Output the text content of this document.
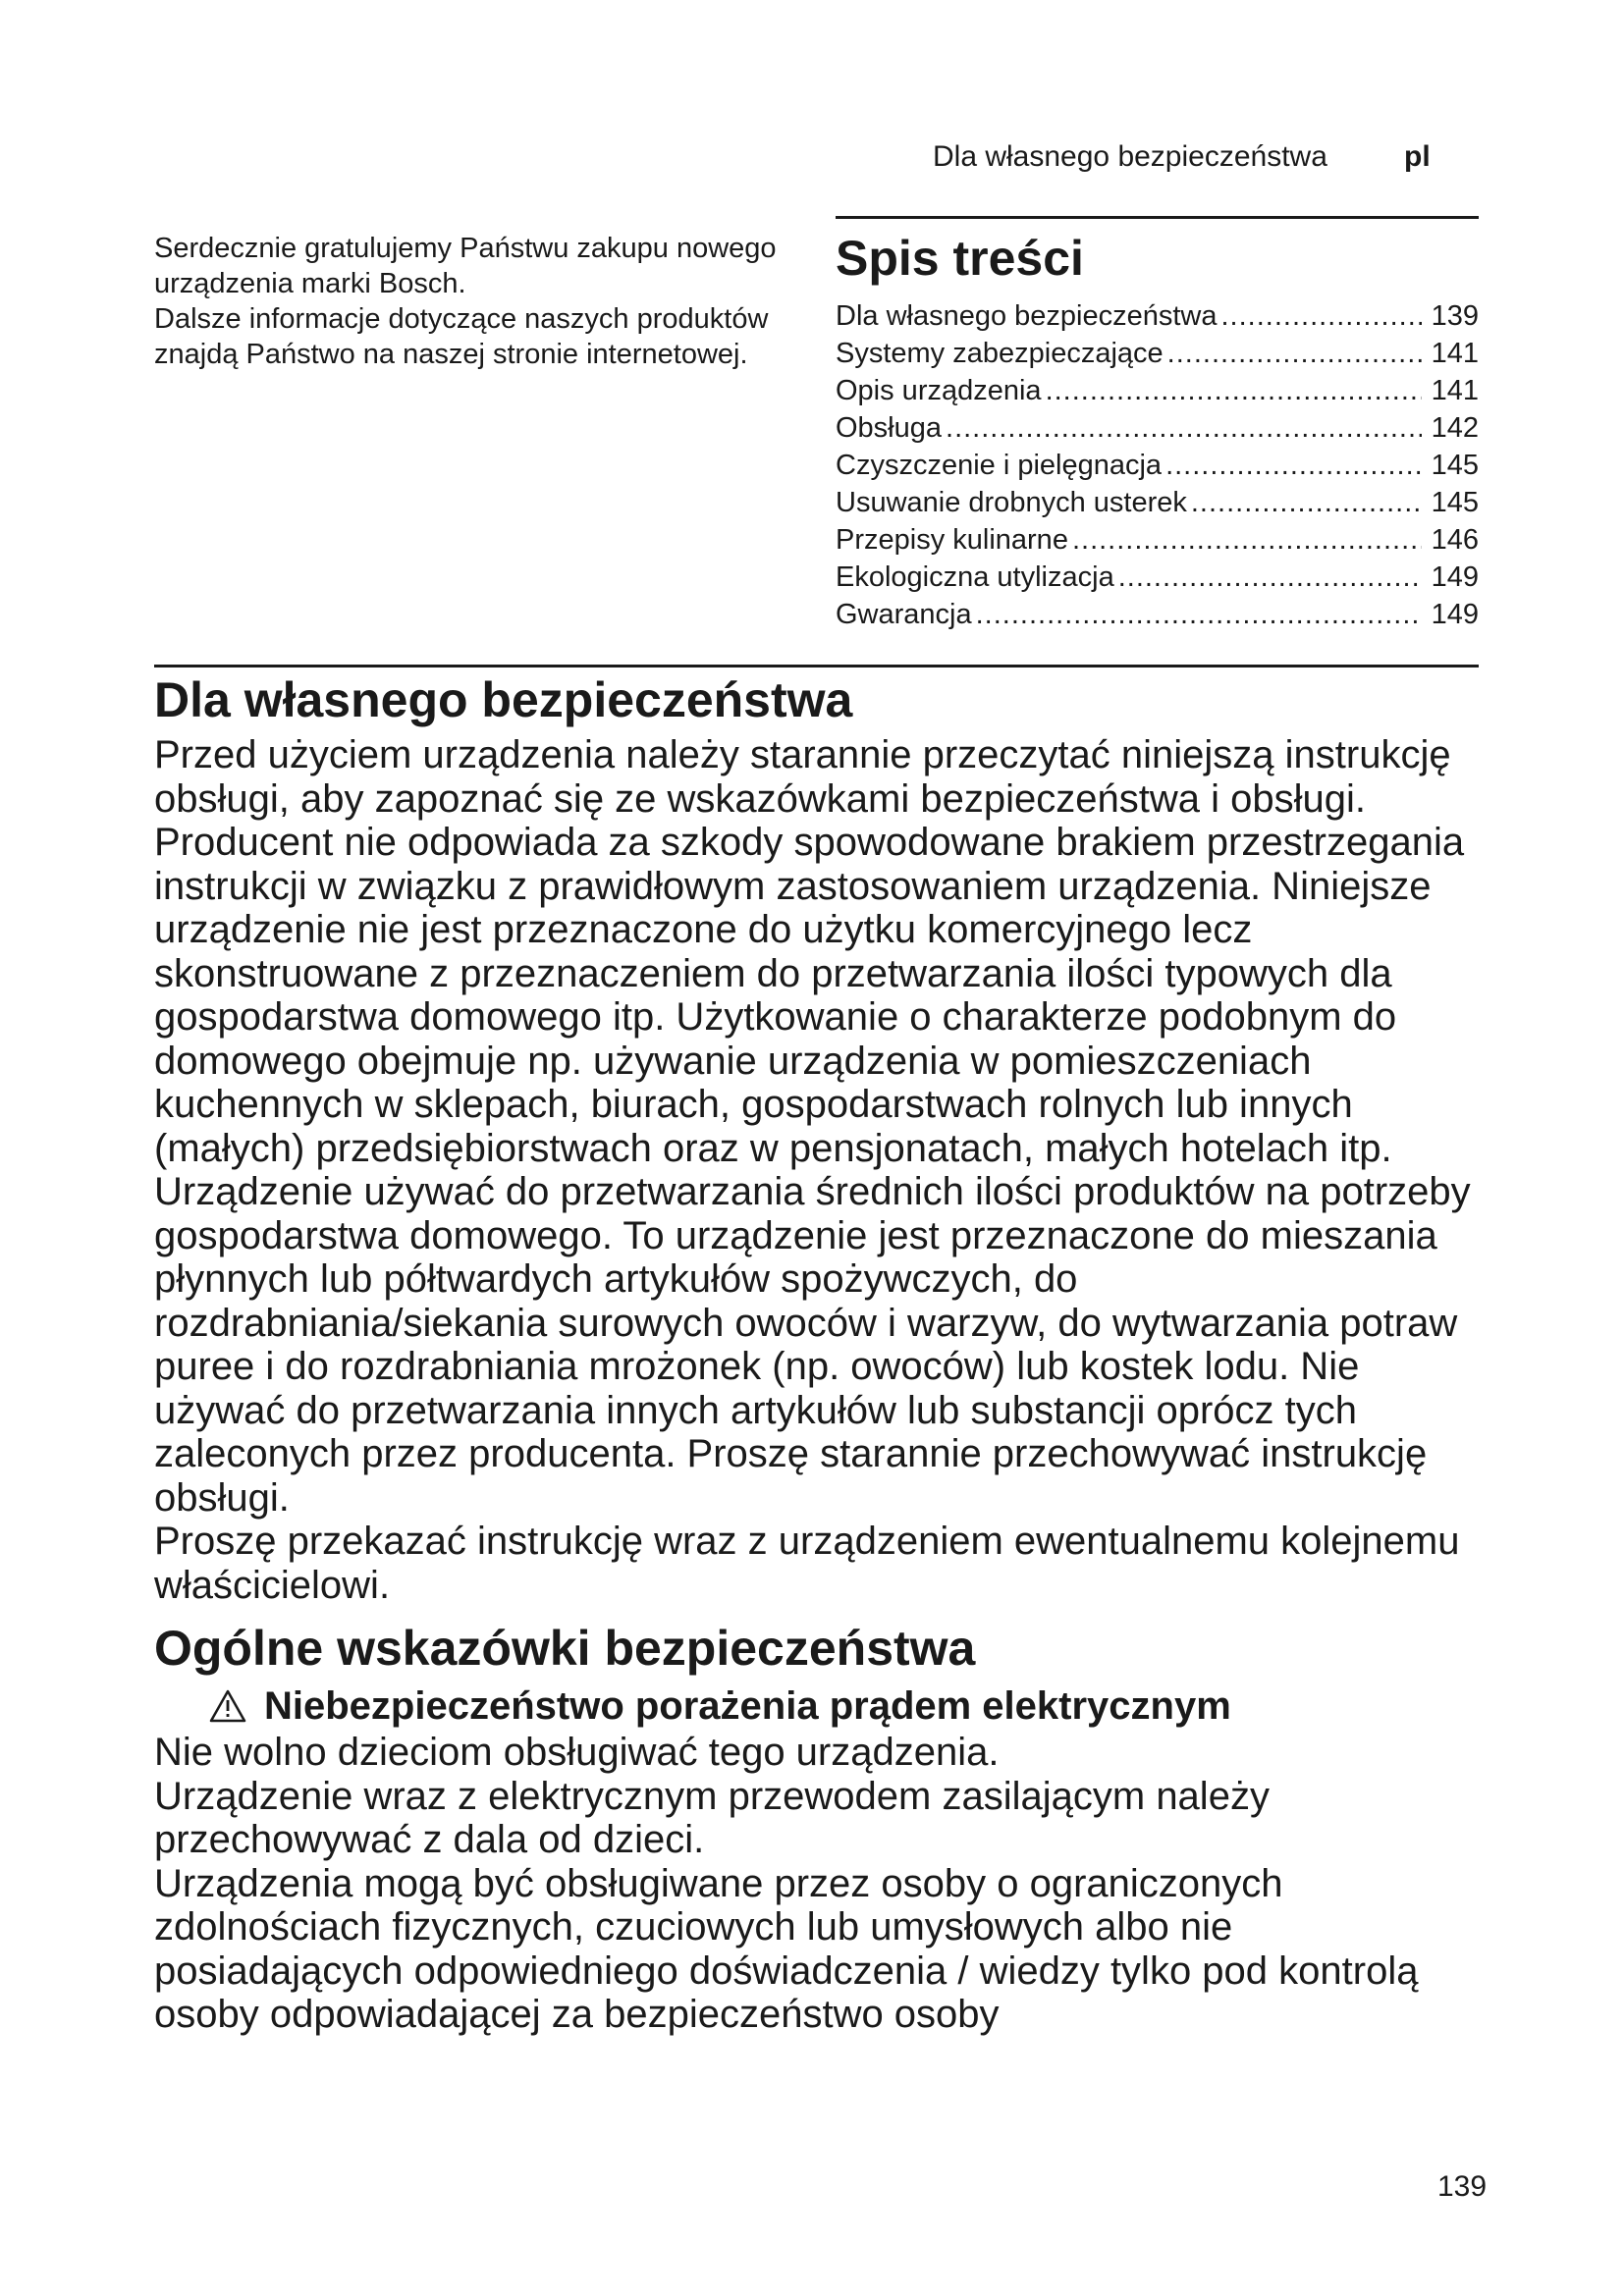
Dla własnego bezpieczeństwa	pl

Serdecznie gratulujemy Państwu zakupu nowego urządzenia marki Bosch.

Dalsze informacje dotyczące naszych produktów znajdą Państwo na naszej stronie internetowej.

Spis treści
Dla własnego bezpieczeństwa .....	139
Systemy zabezpieczające .....	141
Opis urządzenia .....	141
Obsługa .....	142
Czyszczenie i pielęgnacja .....	145
Usuwanie drobnych usterek .....	145
Przepisy kulinarne .....	146
Ekologiczna utylizacja .....	149
Gwarancja .....	149
Dla własnego bezpieczeństwa

Przed użyciem urządzenia należy starannie przeczytać niniejszą instrukcję obsługi, aby zapoznać się ze wskazówkami bezpieczeństwa i obsługi.

Producent nie odpowiada za szkody spowodowane brakiem przestrzegania instrukcji w związku z prawidłowym zastosowaniem urządzenia. Niniejsze urządzenie nie jest przeznaczone do użytku komercyjnego lecz skonstruowane z przeznaczeniem do przetwarzania ilości typowych dla gospodarstwa domowego itp. Użytkowanie o charakterze podobnym do domowego obejmuje np. używanie urządzenia w pomieszczeniach kuchennych w sklepach, biurach, gospodarstwach rolnych lub innych (małych) przedsiębiorstwach oraz w pensjonatach, małych hotelach itp.

Urządzenie używać do przetwarzania średnich ilości produktów na potrzeby gospodarstwa domowego. To urządzenie jest przeznaczone do mieszania płynnych lub półtwardych artykułów spożywczych, do rozdrabniania/siekania surowych owoców i warzyw, do wytwarzania potraw puree i do rozdrabniania mrożonek (np. owoców) lub kostek lodu. Nie używać do przetwarzania innych artykułów lub substancji oprócz tych zaleconych przez producenta. Proszę starannie przechowywać instrukcję obsługi.

Proszę przekazać instrukcję wraz z urządzeniem ewentualnemu kolejnemu właścicielowi.

Ogólne wskazówki bezpieczeństwa
Niebezpieczeństwo porażenia prądem elektrycznym

Nie wolno dzieciom obsługiwać tego urządzenia.

Urządzenie wraz z elektrycznym przewodem zasilającym należy przechowywać z dala od dzieci.

Urządzenia mogą być obsługiwane przez osoby o ograniczonych zdolnościach fizycznych, czuciowych lub umysłowych albo nie posiadających odpowiedniego doświadczenia / wiedzy tylko pod kontrolą osoby odpowiadającej za bezpieczeństwo osoby

139
